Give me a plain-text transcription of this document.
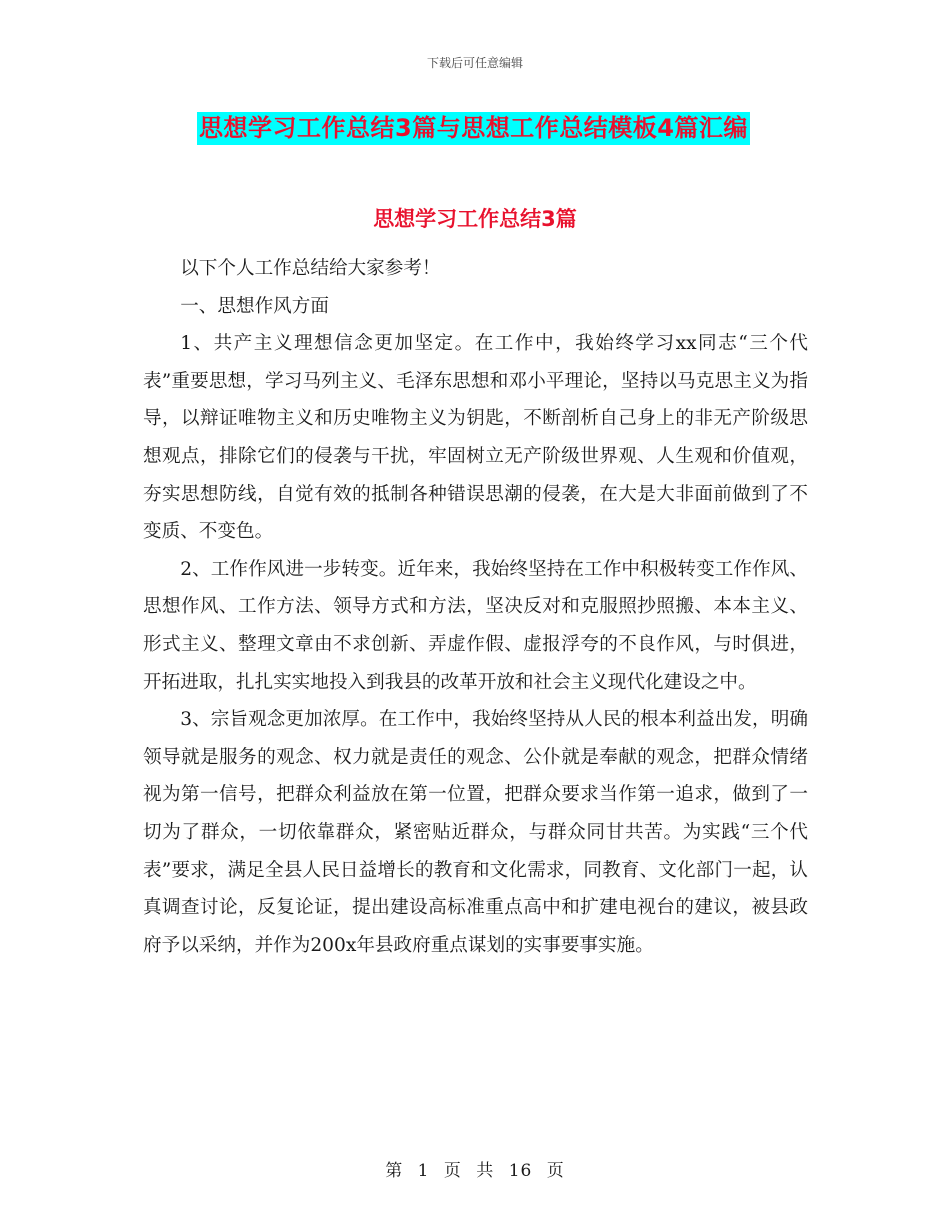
下载后可任意编辑
思想学习工作总结3篇与思想工作总结模板4篇汇编
思想学习工作总结3篇

以下个人工作总结给大家参考！

一、思想作风方面

1、共产主义理想信念更加坚定。在工作中，我始终学习xx同志“三个代表”重要思想，学习马列主义、毛泽东思想和邓小平理论，坚持以马克思主义为指导，以辩证唯物主义和历史唯物主义为钥匙，不断剖析自己身上的非无产阶级思想观点，排除它们的侵袭与干扰，牢固树立无产阶级世界观、人生观和价值观，夯实思想防线，自觉有效的抵制各种错误思潮的侵袭，在大是大非面前做到了不变质、不变色。

2、工作作风进一步转变。近年来，我始终坚持在工作中积极转变工作作风、思想作风、工作方法、领导方式和方法，坚决反对和克服照抄照搬、本本主义、形式主义、整理文章由不求创新、弄虚作假、虚报浮夸的不良作风，与时俱进，开拓进取，扎扎实实地投入到我县的改革开放和社会主义现代化建设之中。

3、宗旨观念更加浓厚。在工作中，我始终坚持从人民的根本利益出发，明确领导就是服务的观念、权力就是责任的观念、公仆就是奉献的观念，把群众情绪视为第一信号，把群众利益放在第一位置，把群众要求当作第一追求，做到了一切为了群众，一切依靠群众，紧密贴近群众，与群众同甘共苦。为实践“三个代表”要求，满足全县人民日益增长的教育和文化需求，同教育、文化部门一起，认真调查讨论，反复论证，提出建设高标准重点高中和扩建电视台的建议，被县政府予以采纳，并作为200x年县政府重点谋划的实事要事实施。

第 1 页 共 16 页
